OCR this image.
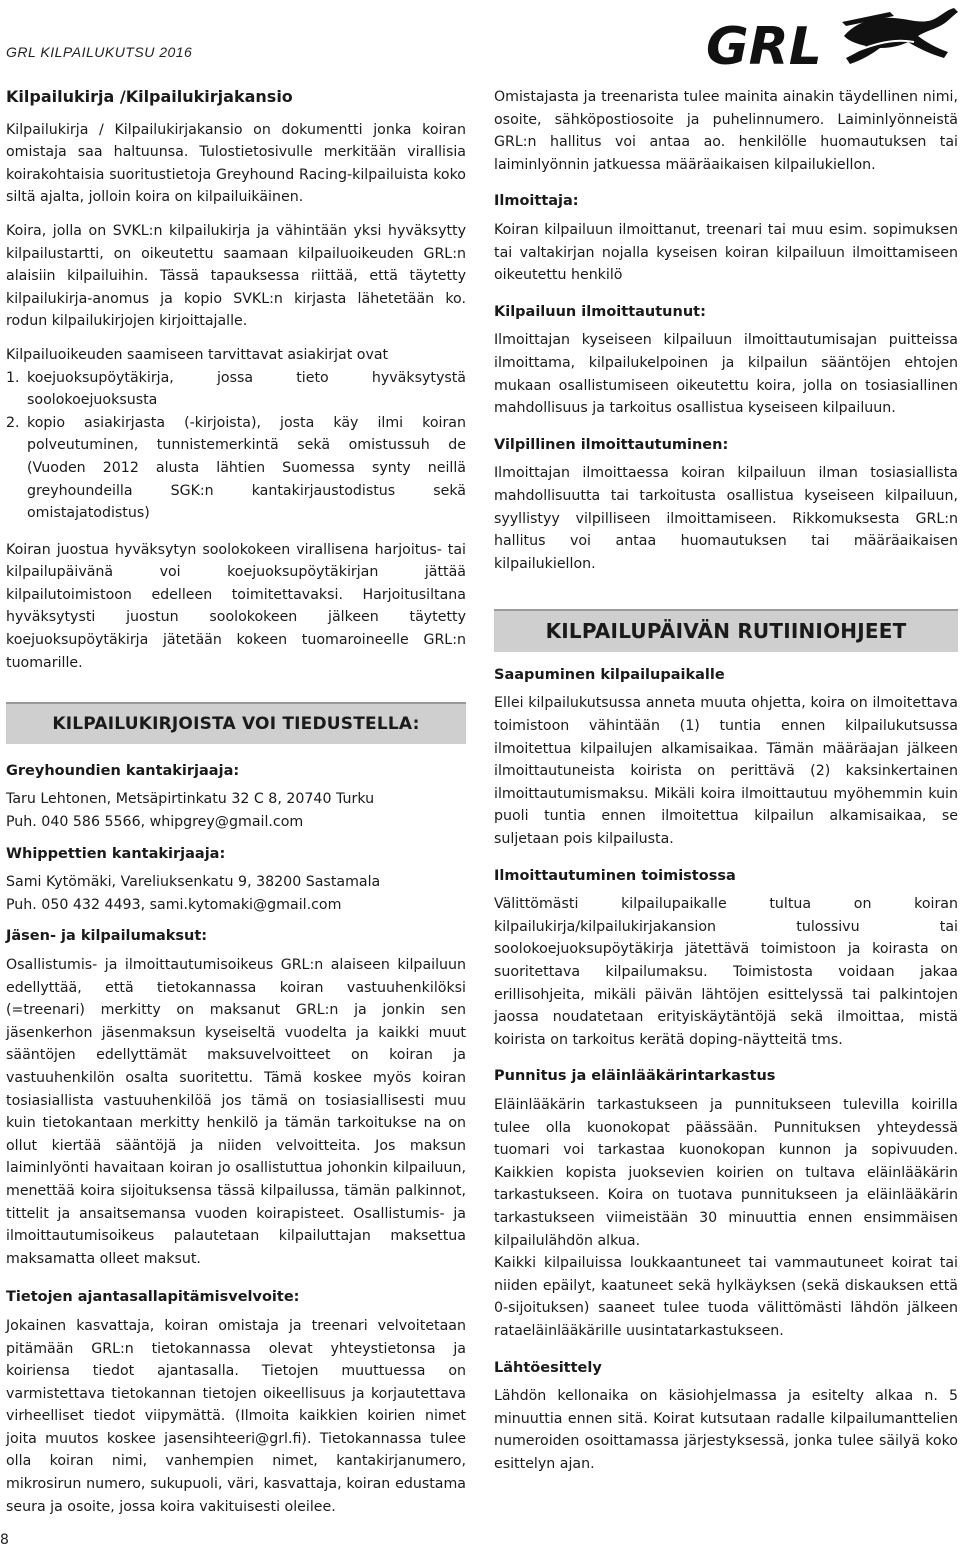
GRL KILPAILUKUTSU 2016	GRL
Kilpailukirja /Kilpailukirjakansio

Kilpailukirja / Kilpailukirjakansio on dokumentti jonka koiran omistaja saa haltuunsa. Tulostietosivulle merkitään virallisia koirakohtaisia suoritustietoja Greyhound Racing-kilpailuista koko siltä ajalta, jolloin koira on kilpailuikäinen.

Koira, jolla on SVKL:n kilpailukirja ja vähintään yksi hyväksytty kilpailustartti, on oikeutettu saamaan kilpailuoikeuden GRL:n alaisiin kilpailuihin. Tässä tapauksessa riittää, että täytetty kilpailukirja-anomus ja kopio SVKL:n kirjasta lähetetään ko. rodun kilpailukirjojen kirjoittajalle.

Kilpailuoikeuden saamiseen tarvittavat asiakirjat ovat

1. koejuoksupöytäkirja, jossa tieto hyväksytystä soolokoejuoksusta
2. kopio asiakirjasta (-kirjoista), josta käy ilmi koiran polveutuminen, tunnistemerkintä sekä omistussuh de (Vuoden 2012 alusta lähtien Suomessa synty neillä greyhoundeilla SGK:n kantakirjaustodistus sekä omistajatodistus)

Koiran juostua hyväksytyn soolokokeen virallisena harjoitus- tai kilpailupäivänä voi koejuoksupöytäkirjan jättää kilpailutoimistoon edelleen toimitettavaksi. Harjoitusiltana hyväksytysti juostun soolokokeen jälkeen täytetty koejuoksupöytäkirja jätetään kokeen tuomaroineelle GRL:n tuomarille.

KILPAILUKIRJOISTA VOI TIEDUSTELLA:
Greyhoundien kantakirjaaja:
Taru Lehtonen, Metsäpirtinkatu 32 C 8, 20740 Turku
Puh. 040 586 5566, whipgrey@gmail.com
Whippettien kantakirjaaja:
Sami Kytömäki, Vareliuksenkatu 9, 38200 Sastamala
Puh. 050 432 4493, sami.kytomaki@gmail.com
Jäsen- ja kilpailumaksut:

Osallistumis- ja ilmoittautumisoikeus GRL:n alaiseen kilpailuun edellyttää, että tietokannassa koiran vastuuhenkilöksi (=treenari) merkitty on maksanut GRL:n ja jonkin sen jäsenkerhon jäsenmaksun kyseiseltä vuodelta ja kaikki muut sääntöjen edellyttämät maksuvelvoitteet on koiran ja vastuuhenkilön osalta suoritettu. Tämä koskee myös koiran tosiasiallista vastuuhenkilöä jos tämä on tosiasiallisesti muu kuin tietokantaan merkitty henkilö ja tämän tarkoitukse na on ollut kiertää sääntöjä ja niiden velvoitteita. Jos maksun laiminlyönti havaitaan koiran jo osallistuttua johonkin kilpailuun, menettää koira sijoituksensa tässä kilpailussa, tämän palkinnot, tittelit ja ansaitsemansa vuoden koirapisteet. Osallistumis- ja ilmoittautumisoikeus palautetaan kilpailuttajan maksettua maksamatta olleet maksut.

Tietojen ajantasallapitämisvelvoite:

Jokainen kasvattaja, koiran omistaja ja treenari velvoitetaan pitämään GRL:n tietokannassa olevat yhteystietonsa ja koiriensa tiedot ajantasalla. Tietojen muuttuessa on varmistettava tietokannan tietojen oikeellisuus ja korjautettava virheelliset tiedot viipymättä. (Ilmoita kaikkien koirien nimet joita muutos koskee jasensihteeri@grl.fi). Tietokannassa tulee olla koiran nimi, vanhempien nimet, kantakirjanumero, mikrosirun numero, sukupuoli, väri, kasvattaja, koiran edustama seura ja osoite, jossa koira vakituisesti oleilee.

Omistajasta ja treenarista tulee mainita ainakin täydellinen nimi, osoite, sähköpostiosoite ja puhelinnumero. Laiminlyönneistä GRL:n hallitus voi antaa ao. henkilölle huomautuksen tai laiminlyönnin jatkuessa määräaikaisen kilpailukiellon.

Ilmoittaja:

Koiran kilpailuun ilmoittanut, treenari tai muu esim. sopimuksen tai valtakirjan nojalla kyseisen koiran kilpailuun ilmoittamiseen oikeutettu henkilö

Kilpailuun ilmoittautunut:

Ilmoittajan kyseiseen kilpailuun ilmoittautumisajan puitteissa ilmoittama, kilpailukelpoinen ja kilpailun sääntöjen ehtojen mukaan osallistumiseen oikeutettu koira, jolla on tosiasiallinen mahdollisuus ja tarkoitus osallistua kyseiseen kilpailuun.

Vilpillinen ilmoittautuminen:

Ilmoittajan ilmoittaessa koiran kilpailuun ilman tosiasiallista mahdollisuutta tai tarkoitusta osallistua kyseiseen kilpailuun, syyllistyy vilpilliseen ilmoittamiseen. Rikkomuksesta GRL:n hallitus voi antaa huomautuksen tai määräaikaisen kilpailukiellon.

KILPAILUPÄIVÄN RUTIINIOHJEET
Saapuminen kilpailupaikalle

Ellei kilpailukutsussa anneta muuta ohjetta, koira on ilmoitettava toimistoon vähintään (1) tuntia ennen kilpailukutsussa ilmoitettua kilpailujen alkamisaikaa. Tämän määräajan jälkeen ilmoittautuneista koirista on perittävä (2) kaksinkertainen ilmoittautumismaksu. Mikäli koira ilmoittautuu myöhemmin kuin puoli tuntia ennen ilmoitettua kilpailun alkamisaikaa, se suljetaan pois kilpailusta.

Ilmoittautuminen toimistossa

Välittömästi kilpailupaikalle tultua on koiran kilpailukirja/kilpailukirjakansion tulossivu tai soolokoejuoksupöytäkirja jätettävä toimistoon ja koirasta on suoritettava kilpailumaksu. Toimistosta voidaan jakaa erillisohjeita, mikäli päivän lähtöjen esittelyssä tai palkintojen jaossa noudatetaan erityiskäytäntöjä sekä ilmoittaa, mistä koirista on tarkoitus kerätä doping-näytteitä tms.

Punnitus ja eläinlääkärintarkastus

Eläinlääkärin tarkastukseen ja punnitukseen tulevilla koirilla tulee olla kuonokopat päässään. Punnituksen yhteydessä tuomari voi tarkastaa kuonokopan kunnon ja sopivuuden. Kaikkien kopista juoksevien koirien on tultava eläinlääkärin tarkastukseen. Koira on tuotava punnitukseen ja eläinlääkärin tarkastukseen viimeistään 30 minuuttia ennen ensimmäisen kilpailulähdön alkua.

Kaikki kilpailuissa loukkaantuneet tai vammautuneet koirat tai niiden epäilyt, kaatuneet sekä hylkäyksen (sekä diskauksen että 0-sijoituksen) saaneet tulee tuoda välittömästi lähdön jälkeen rataeläinlääkärille uusintatarkastukseen.

Lähtöesittely

Lähdön kellonaika on käsiohjelmassa ja esitelty alkaa n. 5 minuuttia ennen sitä. Koirat kutsutaan radalle kilpailumanttelien numeroiden osoittamassa järjestyksessä, jonka tulee säilyä koko esittelyn ajan.

8
